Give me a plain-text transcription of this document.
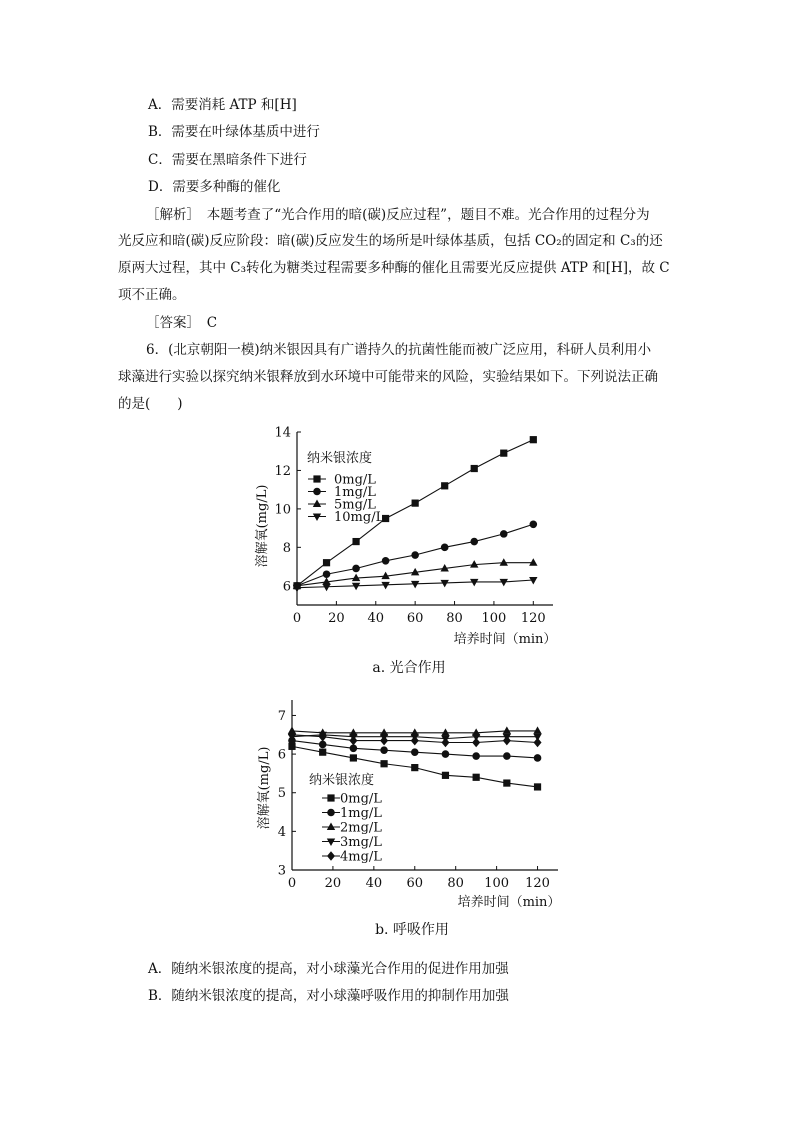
A．需要消耗 ATP 和[H]
B．需要在叶绿体基质中进行
C．需要在黑暗条件下进行
D．需要多种酶的催化
［解析］　本题考查了“光合作用的暗(碳)反应过程”，题目不难。光合作用的过程分为
光反应和暗(碳)反应阶段：暗(碳)反应发生的场所是叶绿体基质，包括 CO₂的固定和 C₃的还
原两大过程，其中 C₃转化为糖类过程需要多种酶的催化且需要光反应提供 ATP 和[H]，故 C
项不正确。
［答案］　C
6．(北京朝阳一模)纳米银因具有广谱持久的抗菌性能而被广泛应用，科研人员利用小
球藻进行实验以探究纳米银释放到水环境中可能带来的风险，实验结果如下。下列说法正确
的是(　　)
6
8
10
12
14
0 20 40 60 80 100 120
培养时间（min）
溶解氧(mg/L)
纳米银浓度
0mg/L
1mg/L
5mg/L
10mg/L
a. 光合作用
3
4
5
6
7
0 20 40 60 80 100 120
培养时间（min）
溶解氧(mg/L)	纳米银浓度
0mg/L
1mg/L
2mg/L
3mg/L
4mg/L
b. 呼吸作用
A．随纳米银浓度的提高，对小球藻光合作用的促进作用加强
B．随纳米银浓度的提高，对小球藻呼吸作用的抑制作用加强
